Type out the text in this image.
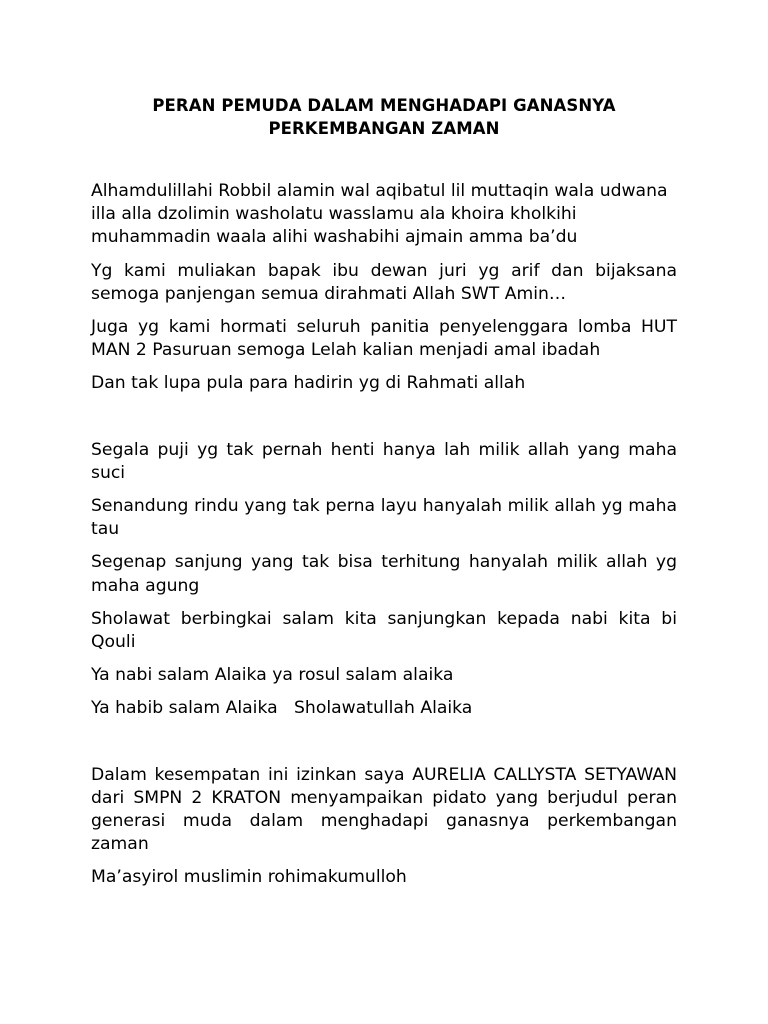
PERAN PEMUDA DALAM MENGHADAPI GANASNYA
PERKEMBANGAN ZAMAN
Alhamdulillahi Robbil alamin wal aqibatul lil muttaqin wala udwana illa alla dzolimin washolatu wasslamu ala khoira kholkihi muhammadin waala alihi washabihi ajmain amma ba’du
Yg kami muliakan bapak ibu dewan juri yg arif dan bijaksana semoga panjengan semua dirahmati Allah SWT Amin…
Juga yg kami hormati seluruh panitia penyelenggara lomba HUT MAN 2 Pasuruan semoga Lelah kalian menjadi amal ibadah
Dan tak lupa pula para hadirin yg di Rahmati allah
Segala puji yg tak pernah henti hanya lah milik allah yang maha suci
Senandung rindu yang tak perna layu hanyalah milik allah yg maha tau
Segenap sanjung yang tak bisa terhitung hanyalah milik allah yg maha agung
Sholawat berbingkai salam kita sanjungkan kepada nabi kita bi Qouli
Ya nabi salam Alaika ya rosul salam alaika
Ya habib salam Alaika   Sholawatullah Alaika
Dalam kesempatan ini izinkan saya AURELIA CALLYSTA SETYAWAN dari SMPN 2 KRATON menyampaikan pidato yang berjudul peran generasi muda dalam menghadapi ganasnya perkembangan zaman
Ma’asyirol muslimin rohimakumulloh
